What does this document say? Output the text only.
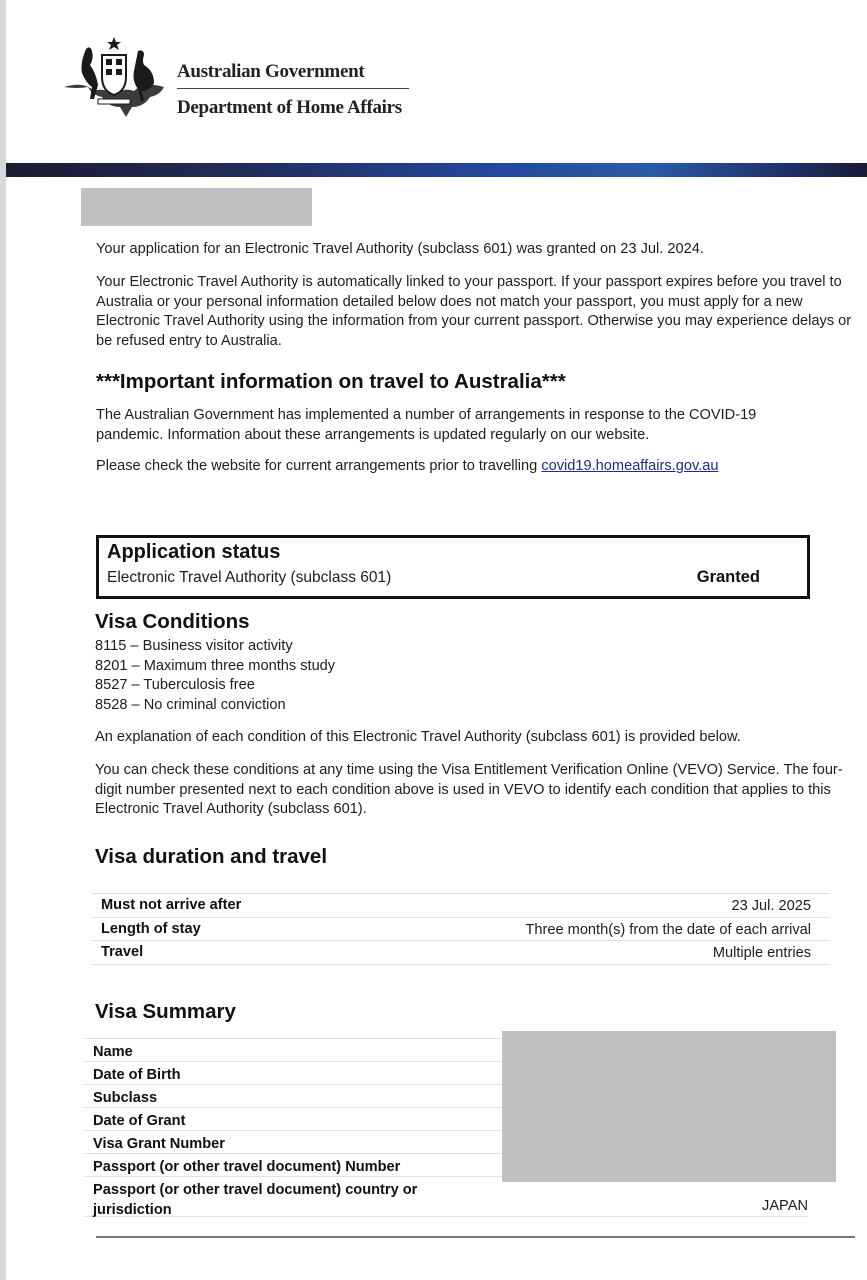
Australian Government
Department of Home Affairs

Your application for an Electronic Travel Authority (subclass 601) was granted on 23 Jul. 2024.

Your Electronic Travel Authority is automatically linked to your passport. If your passport expires before you travel to Australia or your personal information detailed below does not match your passport, you must apply for a new Electronic Travel Authority using the information from your current passport. Otherwise you may experience delays or be refused entry to Australia.

***Important information on travel to Australia***

The Australian Government has implemented a number of arrangements in response to the COVID-19 pandemic. Information about these arrangements is updated regularly on our website.

Please check the website for current arrangements prior to travelling covid19.homeaffairs.gov.au

Application status
Electronic Travel Authority (subclass 601)	Granted
Visa Conditions
8115 – Business visitor activity
8201 – Maximum three months study
8527 – Tuberculosis free
8528 – No criminal conviction

An explanation of each condition of this Electronic Travel Authority (subclass 601) is provided below.

You can check these conditions at any time using the Visa Entitlement Verification Online (VEVO) Service. The four-digit number presented next to each condition above is used in VEVO to identify each condition that applies to this Electronic Travel Authority (subclass 601).

Visa duration and travel
Must not arrive after	23 Jul. 2025
Length of stay	Three month(s) from the date of each arrival
Travel	Multiple entries
Visa Summary
Name
Date of Birth
Subclass
Date of Grant
Visa Grant Number
Passport (or other travel document) Number
Passport (or other travel document) country or jurisdiction	JAPAN
